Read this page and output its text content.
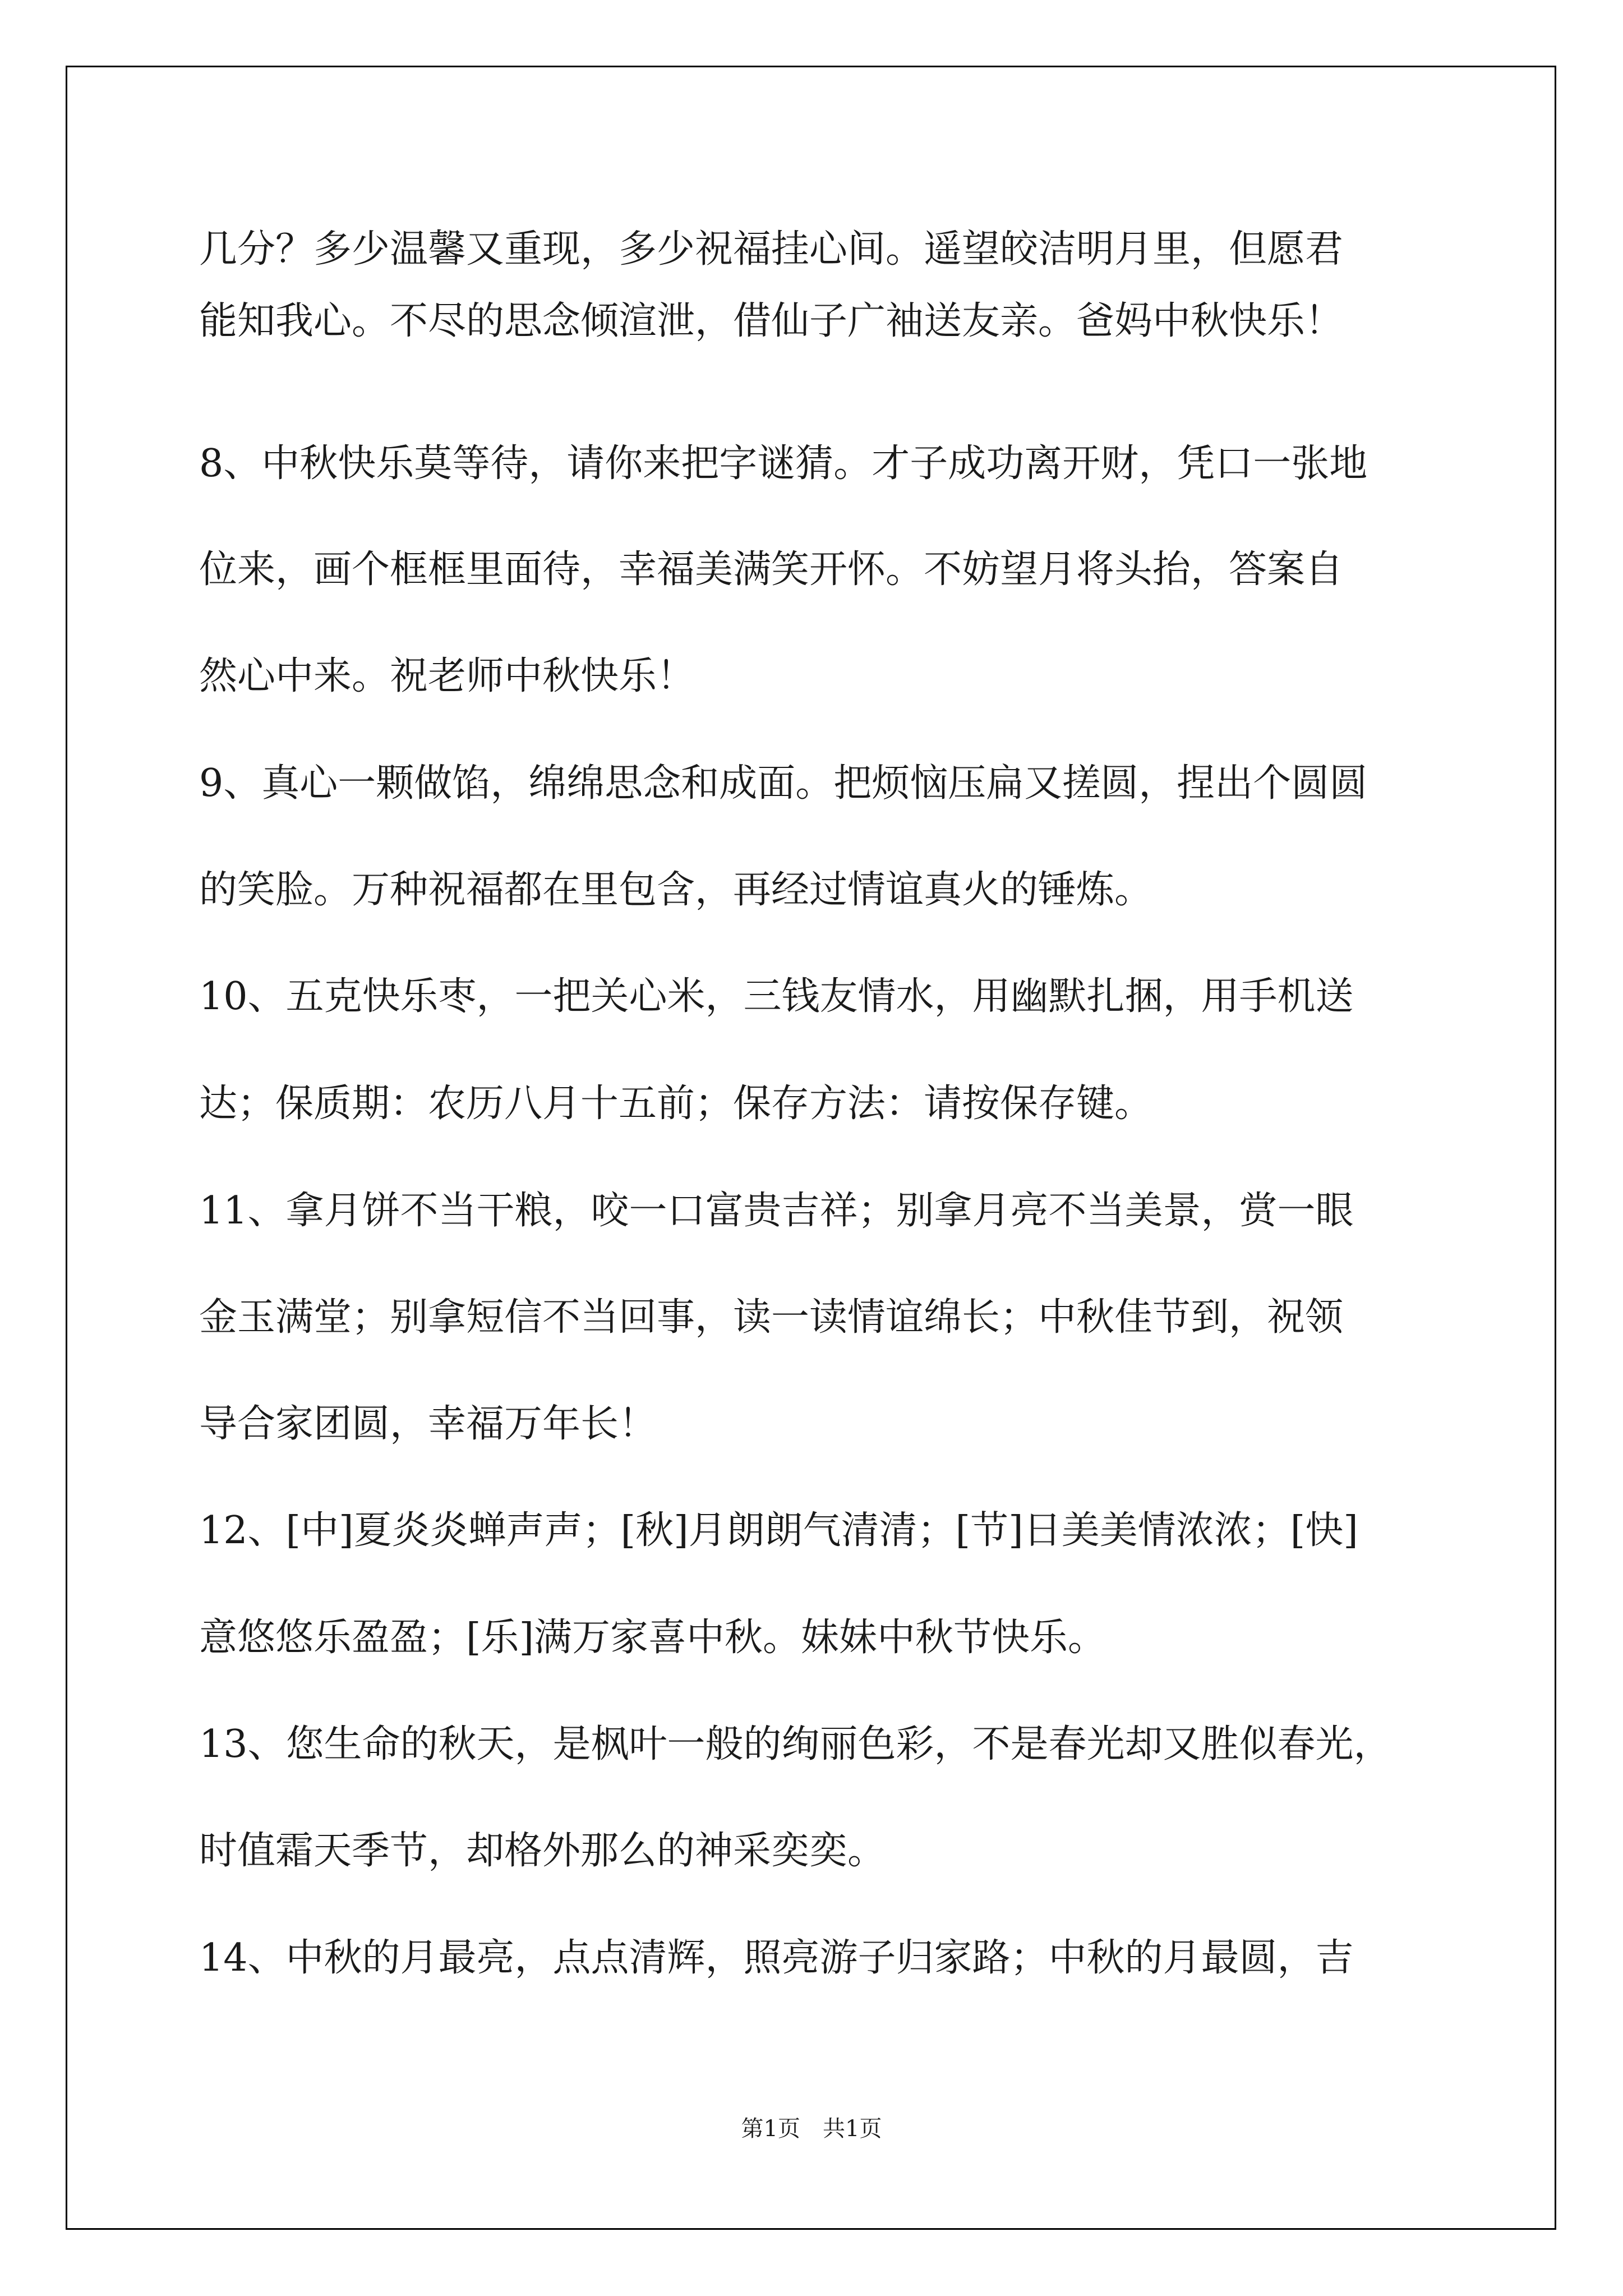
几分？多少温馨又重现，多少祝福挂心间。遥望皎洁明月里，但愿君
能知我心。不尽的思念倾渲泄，借仙子广袖送友亲。爸妈中秋快乐！
8、中秋快乐莫等待，请你来把字谜猜。才子成功离开财，凭口一张地
位来，画个框框里面待，幸福美满笑开怀。不妨望月将头抬，答案自
然心中来。祝老师中秋快乐！
9、真心一颗做馅，绵绵思念和成面。把烦恼压扁又搓圆，捏出个圆圆
的笑脸。万种祝福都在里包含，再经过情谊真火的锤炼。
10、五克快乐枣，一把关心米，三钱友情水，用幽默扎捆，用手机送
达；保质期：农历八月十五前；保存方法：请按保存键。
11、拿月饼不当干粮，咬一口富贵吉祥；别拿月亮不当美景，赏一眼
金玉满堂；别拿短信不当回事，读一读情谊绵长；中秋佳节到，祝领
导合家团圆，幸福万年长！
12、[中]夏炎炎蝉声声；[秋]月朗朗气清清；[节]日美美情浓浓；[快]
意悠悠乐盈盈；[乐]满万家喜中秋。妹妹中秋节快乐。
13、您生命的秋天，是枫叶一般的绚丽色彩，不是春光却又胜似春光，
时值霜天季节，却格外那么的神采奕奕。
14、中秋的月最亮，点点清辉，照亮游子归家路；中秋的月最圆，吉
第1页　共1页
